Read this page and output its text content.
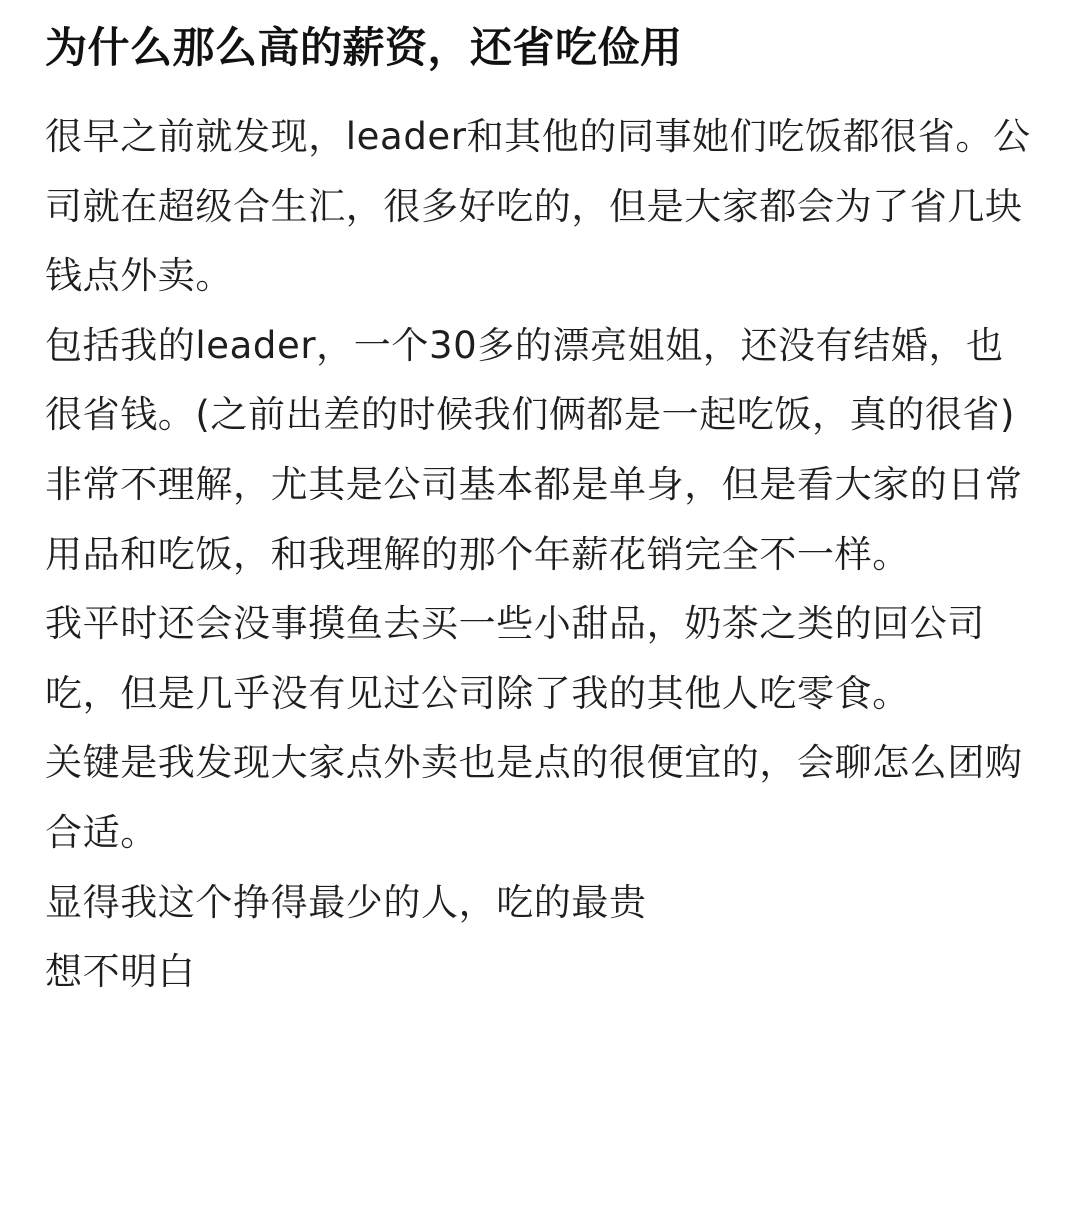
为什么那么高的薪资，还省吃俭用

很早之前就发现，leader和其他的同事她们吃饭都很省。公司就在超级合生汇，很多好吃的，但是大家都会为了省几块钱点外卖。

包括我的leader，一个30多的漂亮姐姐，还没有结婚，也很省钱。(之前出差的时候我们俩都是一起吃饭，真的很省)

非常不理解，尤其是公司基本都是单身，但是看大家的日常用品和吃饭，和我理解的那个年薪花销完全不一样。

我平时还会没事摸鱼去买一些小甜品，奶茶之类的回公司吃，但是几乎没有见过公司除了我的其他人吃零食。

关键是我发现大家点外卖也是点的很便宜的，会聊怎么团购合适。

显得我这个挣得最少的人，吃的最贵

想不明白
